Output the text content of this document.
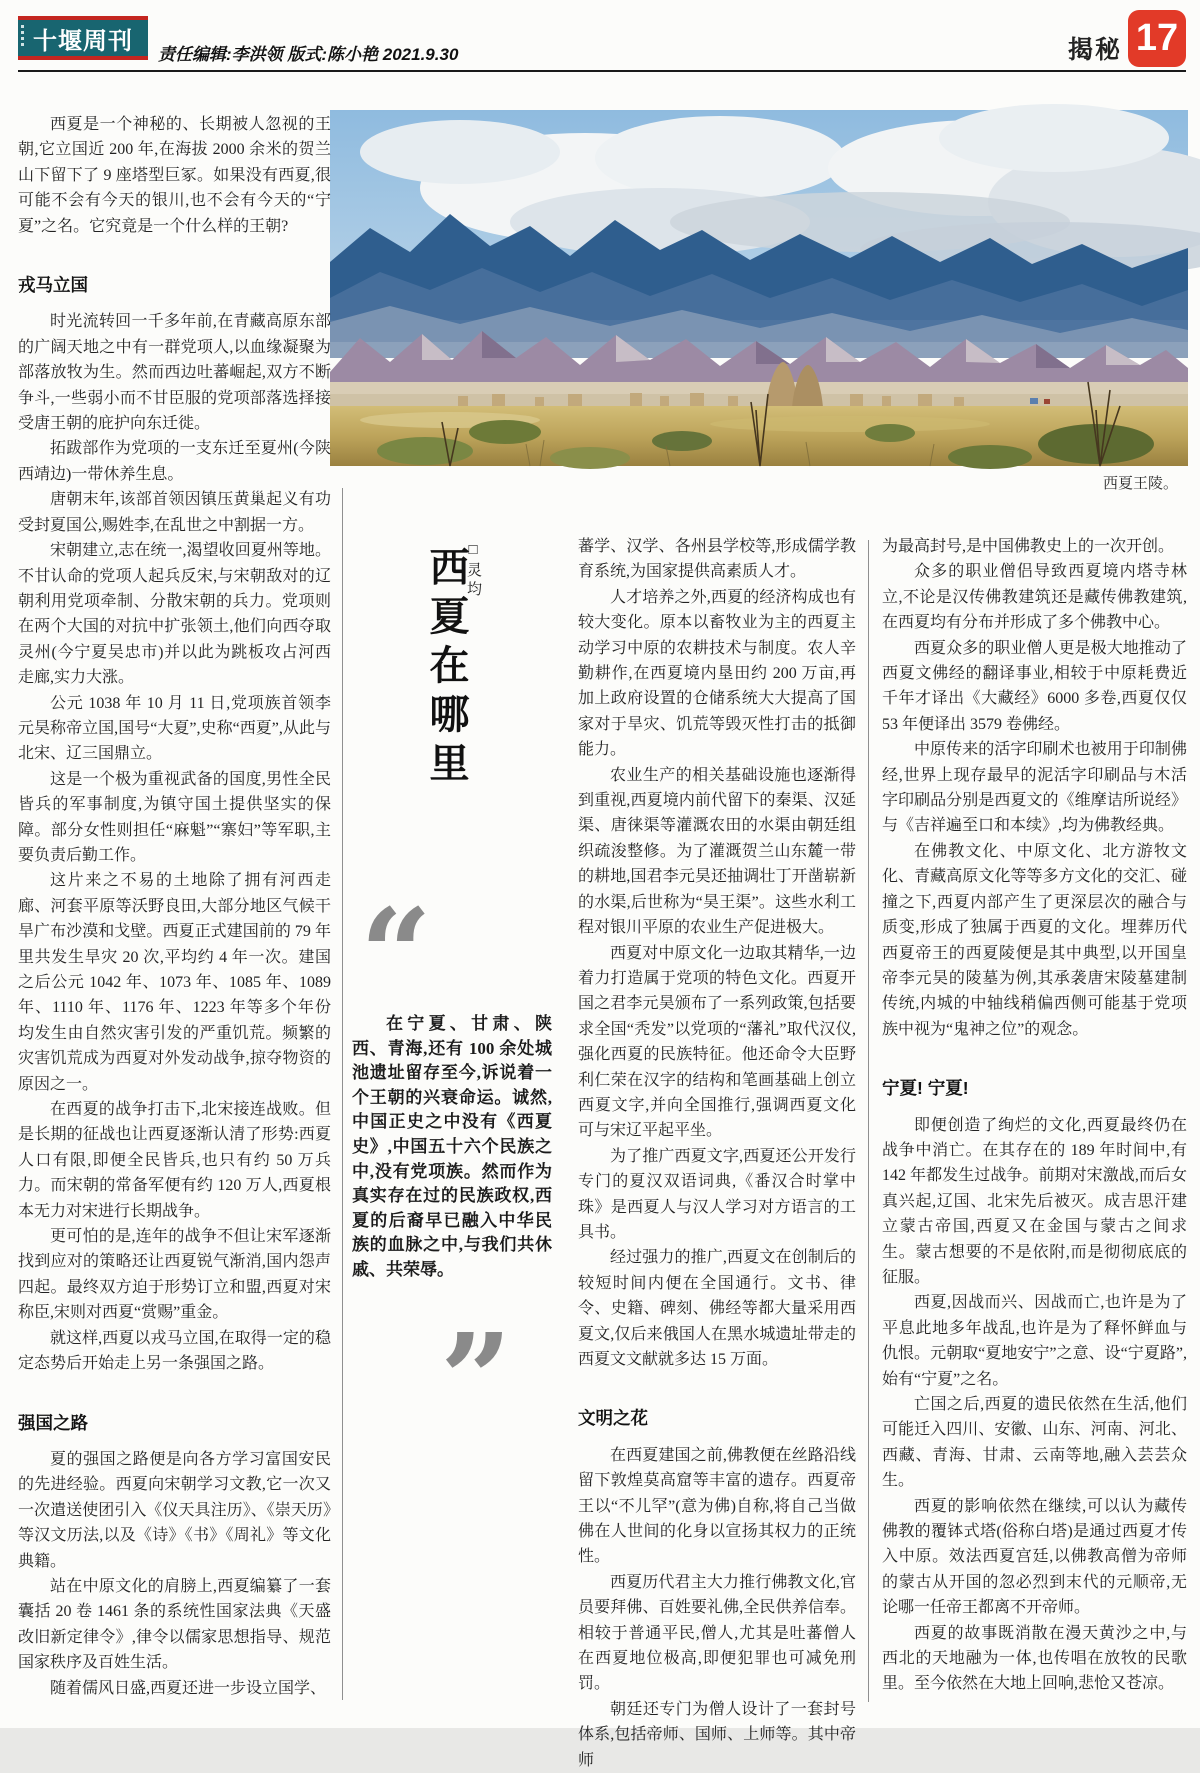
十堰周刊 责任编辑:李洪领 版式:陈小艳 2021.9.30	揭秘 17
西夏王陵。

西夏是一个神秘的、长期被人忽视的王朝,它立国近 200 年,在海拔 2000 余米的贺兰山下留下了 9 座塔型巨冢。如果没有西夏,很可能不会有今天的银川,也不会有今天的“宁夏”之名。它究竟是一个什么样的王朝?

戎马立国

时光流转回一千多年前,在青藏高原东部的广阔天地之中有一群党项人,以血缘凝聚为部落放牧为生。然而西边吐蕃崛起,双方不断争斗,一些弱小而不甘臣服的党项部落选择接受唐王朝的庇护向东迁徙。

拓跋部作为党项的一支东迁至夏州(今陕西靖边)一带休养生息。

唐朝末年,该部首领因镇压黄巢起义有功受封夏国公,赐姓李,在乱世之中割据一方。

宋朝建立,志在统一,渴望收回夏州等地。不甘认命的党项人起兵反宋,与宋朝敌对的辽朝利用党项牵制、分散宋朝的兵力。党项则在两个大国的对抗中扩张领土,他们向西夺取灵州(今宁夏吴忠市)并以此为跳板攻占河西走廊,实力大涨。

公元 1038 年 10 月 11 日,党项族首领李元昊称帝立国,国号“大夏”,史称“西夏”,从此与北宋、辽三国鼎立。

这是一个极为重视武备的国度,男性全民皆兵的军事制度,为镇守国土提供坚实的保障。部分女性则担任“麻魁”“寨妇”等军职,主要负责后勤工作。

这片来之不易的土地除了拥有河西走廊、河套平原等沃野良田,大部分地区气候干旱广布沙漠和戈壁。西夏正式建国前的 79 年里共发生旱灾 20 次,平均约 4 年一次。建国之后公元 1042 年、1073 年、1085 年、1089 年、1110 年、1176 年、1223 年等多个年份均发生由自然灾害引发的严重饥荒。频繁的灾害饥荒成为西夏对外发动战争,掠夺物资的原因之一。

在西夏的战争打击下,北宋接连战败。但是长期的征战也让西夏逐渐认清了形势:西夏人口有限,即便全民皆兵,也只有约 50 万兵力。而宋朝的常备军便有约 120 万人,西夏根本无力对宋进行长期战争。

更可怕的是,连年的战争不但让宋军逐渐找到应对的策略还让西夏锐气渐消,国内怨声四起。最终双方迫于形势订立和盟,西夏对宋称臣,宋则对西夏“赏赐”重金。

就这样,西夏以戎马立国,在取得一定的稳定态势后开始走上另一条强国之路。

强国之路

夏的强国之路便是向各方学习富国安民的先进经验。西夏向宋朝学习文教,它一次又一次遣送使团引入《仪天具注历》、《崇天历》等汉文历法,以及《诗》《书》《周礼》等文化典籍。

站在中原文化的肩膀上,西夏编纂了一套囊括 20 卷 1461 条的系统性国家法典《天盛改旧新定律令》,律令以儒家思想指导、规范国家秩序及百姓生活。

随着儒风日盛,西夏还进一步设立国学、

□灵均
西夏在哪里
“
在宁夏、甘肃、陕西、青海,还有 100 余处城池遗址留存至今,诉说着一个王朝的兴衰命运。诚然,中国正史之中没有《西夏史》,中国五十六个民族之中,没有党项族。然而作为真实存在过的民族政权,西夏的后裔早已融入中华民族的血脉之中,与我们共休戚、共荣辱。
”

蕃学、汉学、各州县学校等,形成儒学教育系统,为国家提供高素质人才。

人才培养之外,西夏的经济构成也有较大变化。原本以畜牧业为主的西夏主动学习中原的农耕技术与制度。农人辛勤耕作,在西夏境内垦田约 200 万亩,再加上政府设置的仓储系统大大提高了国家对于旱灾、饥荒等毁灭性打击的抵御能力。

农业生产的相关基础设施也逐渐得到重视,西夏境内前代留下的秦渠、汉延渠、唐徕渠等灌溉农田的水渠由朝廷组织疏浚整修。为了灌溉贺兰山东麓一带的耕地,国君李元昊还抽调壮丁开凿崭新的水渠,后世称为“昊王渠”。这些水利工程对银川平原的农业生产促进极大。

西夏对中原文化一边取其精华,一边着力打造属于党项的特色文化。西夏开国之君李元昊颁布了一系列政策,包括要求全国“秃发”以党项的“藩礼”取代汉仪,强化西夏的民族特征。他还命令大臣野利仁荣在汉字的结构和笔画基础上创立西夏文字,并向全国推行,强调西夏文化可与宋辽平起平坐。

为了推广西夏文字,西夏还公开发行专门的夏汉双语词典,《番汉合时掌中珠》是西夏人与汉人学习对方语言的工具书。

经过强力的推广,西夏文在创制后的较短时间内便在全国通行。文书、律令、史籍、碑刻、佛经等都大量采用西夏文,仅后来俄国人在黑水城遗址带走的西夏文文献就多达 15 万面。

文明之花

在西夏建国之前,佛教便在丝路沿线留下敦煌莫高窟等丰富的遗存。西夏帝王以“不儿罕”(意为佛)自称,将自己当做佛在人世间的化身以宣扬其权力的正统性。

西夏历代君主大力推行佛教文化,官员要拜佛、百姓要礼佛,全民供养信奉。相较于普通平民,僧人,尤其是吐蕃僧人在西夏地位极高,即便犯罪也可减免刑罚。

朝廷还专门为僧人设计了一套封号体系,包括帝师、国师、上师等。其中帝师

为最高封号,是中国佛教史上的一次开创。

众多的职业僧侣导致西夏境内塔寺林立,不论是汉传佛教建筑还是藏传佛教建筑,在西夏均有分布并形成了多个佛教中心。

西夏众多的职业僧人更是极大地推动了西夏文佛经的翻译事业,相较于中原耗费近千年才译出《大藏经》6000 多卷,西夏仅仅 53 年便译出 3579 卷佛经。

中原传来的活字印刷术也被用于印制佛经,世界上现存最早的泥活字印刷品与木活字印刷品分别是西夏文的《维摩诘所说经》与《吉祥遍至口和本续》,均为佛教经典。

在佛教文化、中原文化、北方游牧文化、青藏高原文化等等多方文化的交汇、碰撞之下,西夏内部产生了更深层次的融合与质变,形成了独属于西夏的文化。埋葬历代西夏帝王的西夏陵便是其中典型,以开国皇帝李元昊的陵墓为例,其承袭唐宋陵墓建制传统,内城的中轴线稍偏西侧可能基于党项族中视为“鬼神之位”的观念。

宁夏! 宁夏!

即便创造了绚烂的文化,西夏最终仍在战争中消亡。在其存在的 189 年时间中,有 142 年都发生过战争。前期对宋激战,而后女真兴起,辽国、北宋先后被灭。成吉思汗建立蒙古帝国,西夏又在金国与蒙古之间求生。蒙古想要的不是依附,而是彻彻底底的征服。

西夏,因战而兴、因战而亡,也许是为了平息此地多年战乱,也许是为了释怀鲜血与仇恨。元朝取“夏地安宁”之意、设“宁夏路”,始有“宁夏”之名。

亡国之后,西夏的遗民依然在生活,他们可能迁入四川、安徽、山东、河南、河北、西藏、青海、甘肃、云南等地,融入芸芸众生。

西夏的影响依然在继续,可以认为藏传佛教的覆钵式塔(俗称白塔)是通过西夏才传入中原。效法西夏宫廷,以佛教高僧为帝师的蒙古从开国的忽必烈到末代的元顺帝,无论哪一任帝王都离不开帝师。

西夏的故事既消散在漫天黄沙之中,与西北的天地融为一体,也传唱在放牧的民歌里。至今依然在大地上回响,悲怆又苍凉。
